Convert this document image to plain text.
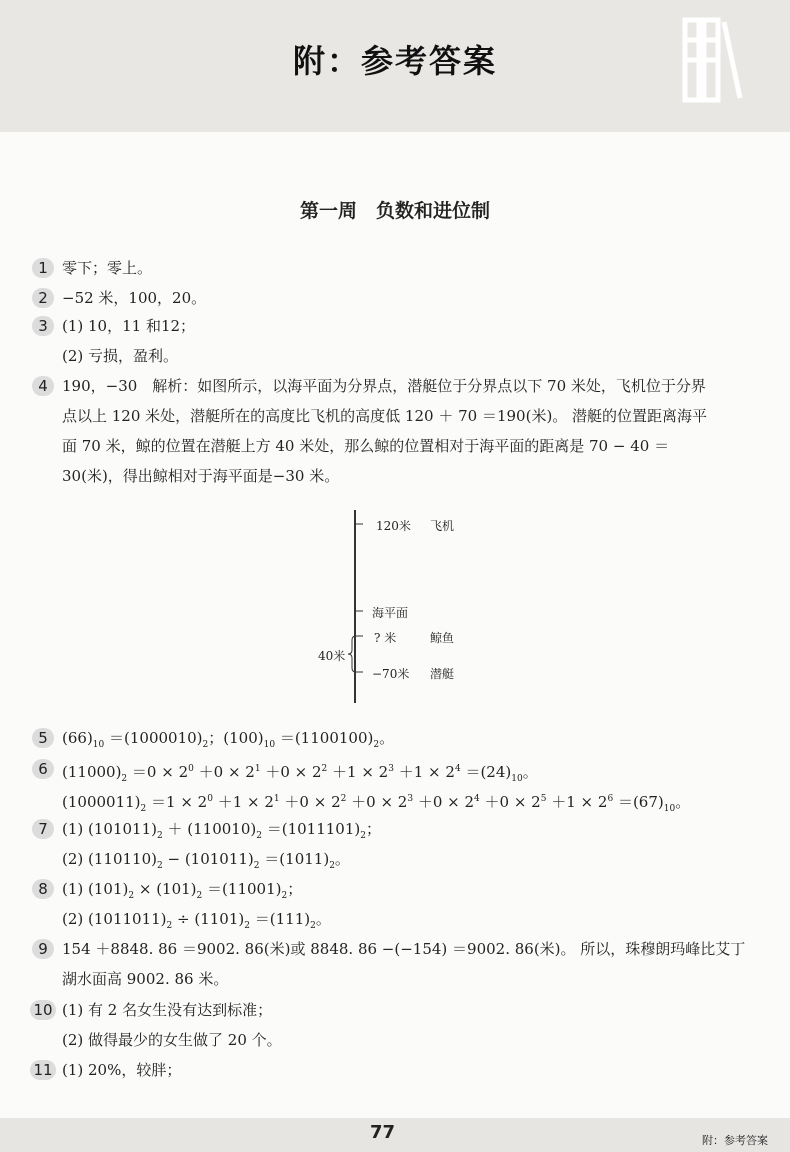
附：参考答案
第一周　负数和进位制
1 零下；零上。
2 −52 米，100，20。
3 (1) 10，11 和12；
(2) 亏损，盈利。
4 190，−30　解析：如图所示，以海平面为分界点，潜艇位于分界点以下 70 米处，飞机位于分界
点以上 120 米处，潜艇所在的高度比飞机的高度低 120 ＋ 70 ＝190(米)。 潜艇的位置距离海平
面 70 米，鲸的位置在潜艇上方 40 米处，那么鲸的位置相对于海平面的距离是 70 − 40 ＝
30(米)，得出鲸相对于海平面是−30 米。
5 $(66)_{10} =(1000010)_2$；$(100)_{10} =(1100100)_2$。
6 $(11000)_2 =0 \times 2^0 +0 \times 2^1 +0 \times 2^2 +1 \times 2^3 +1 \times 2^4 =(24)_{10}$。
$(1000011)_2 =1 \times 2^0 +1 \times 2^1 +0 \times 2^2 +0 \times 2^3 +0 \times 2^4 +0 \times 2^5 +1 \times 2^6 =(67)_{10}$。
7 (1) $(101011)_2 + (110010)_2 =(1011101)_2$；
(2) $(110110)_2 - (101011)_2 =(1011)_2$。
8 (1) $(101)_2 \times (101)_2 =(11001)_2$；
(2) $(1011011)_2 \div (1101)_2 =(111)_2$。
9 154 ＋8848. 86 ＝9002. 86(米)或 8848. 86 −(−154) ＝9002. 86(米)。 所以，珠穆朗玛峰比艾丁
湖水面高 9002. 86 米。
10 (1) 有 2 名女生没有达到标准；
(2) 做得最少的女生做了 20 个。
11 (1) 20%，较胖；
120米 飞机
海平面
? 米	鲸鱼
−70米 潜艇
40米
77	附：参考答案
